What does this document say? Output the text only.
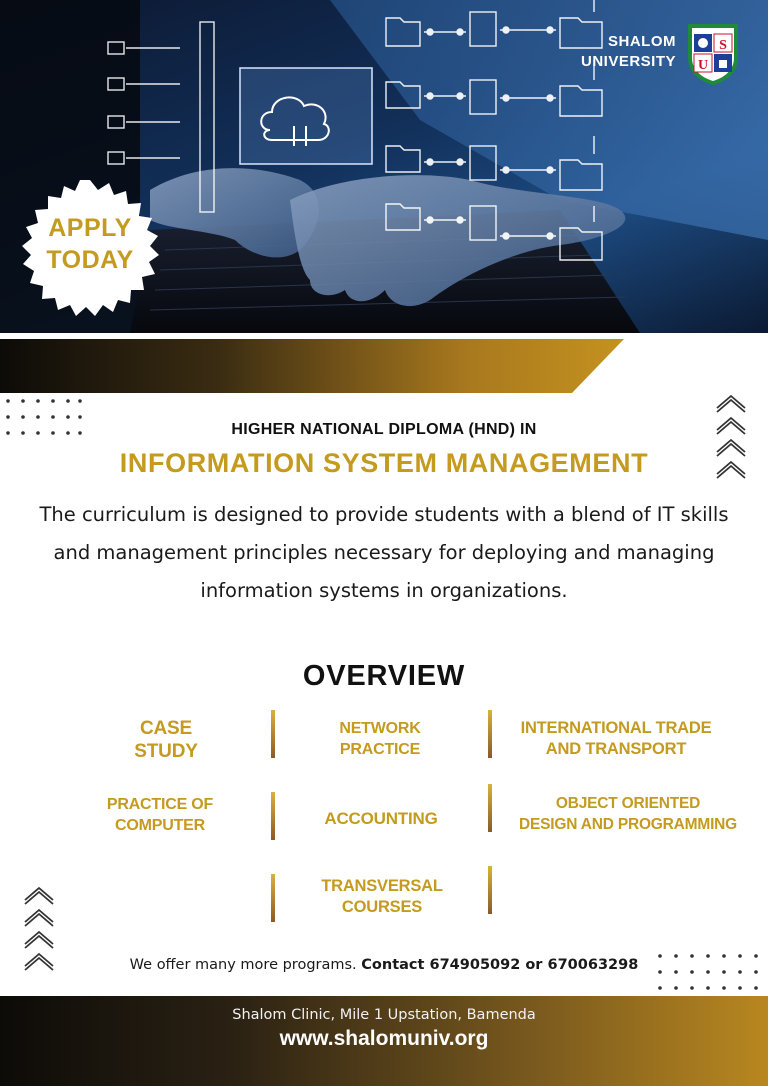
APPLY
TODAY
SHALOM
UNIVERSITY
S
U
HIGHER NATIONAL DIPLOMA (HND) IN
INFORMATION SYSTEM MANAGEMENT
The curriculum is designed to provide students with a blend of IT skills and management principles necessary for deploying and managing information systems in organizations.
OVERVIEW
CASE
STUDY
NETWORK
PRACTICE
INTERNATIONAL TRADE
AND TRANSPORT
PRACTICE OF
COMPUTER	ACCOUNTING
OBJECT ORIENTED
DESIGN AND PROGRAMMING
TRANSVERSAL
COURSES
We offer many more programs. Contact 674905092 or 670063298
Shalom Clinic, Mile 1 Upstation, Bamenda
www.shalomuniv.org
